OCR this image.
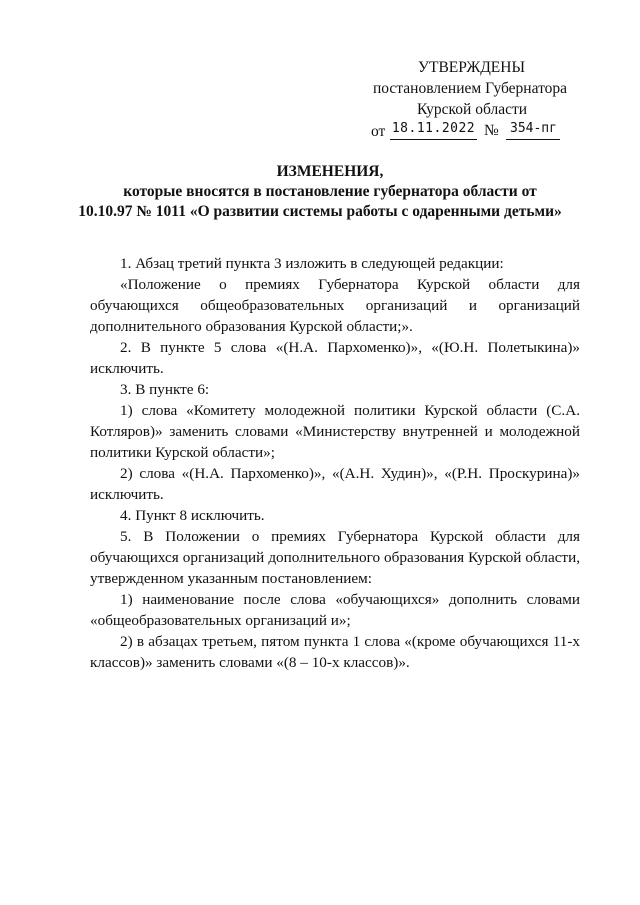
УТВЕРЖДЕНЫ
постановлением Губернатора
Курской области
от 18.11.2022 № 354-пг
ИЗМЕНЕНИЯ,
которые вносятся в постановление губернатора области от
10.10.97 № 1011 «О развитии системы работы с одаренными детьми»

1. Абзац третий пункта 3 изложить в следующей редакции:

«Положение о премиях Губернатора Курской области для обучающихся общеобразовательных организаций и организаций дополнительного образования Курской области;».

2. В пункте 5 слова «(Н.А. Пархоменко)», «(Ю.Н. Полетыкина)» исключить.

3. В пункте 6:

1) слова «Комитету молодежной политики Курской области (С.А. Котляров)» заменить словами «Министерству внутренней и молодежной политики Курской области»;

2) слова «(Н.А. Пархоменко)», «(А.Н. Худин)», «(Р.Н. Проскурина)» исключить.

4. Пункт 8 исключить.

5. В Положении о премиях Губернатора Курской области для обучающихся организаций дополнительного образования Курской области, утвержденном указанным постановлением:

1) наименование после слова «обучающихся» дополнить словами «общеобразовательных организаций и»;

2) в абзацах третьем, пятом пункта 1 слова «(кроме обучающихся 11-х классов)» заменить словами «(8 – 10-х классов)».
